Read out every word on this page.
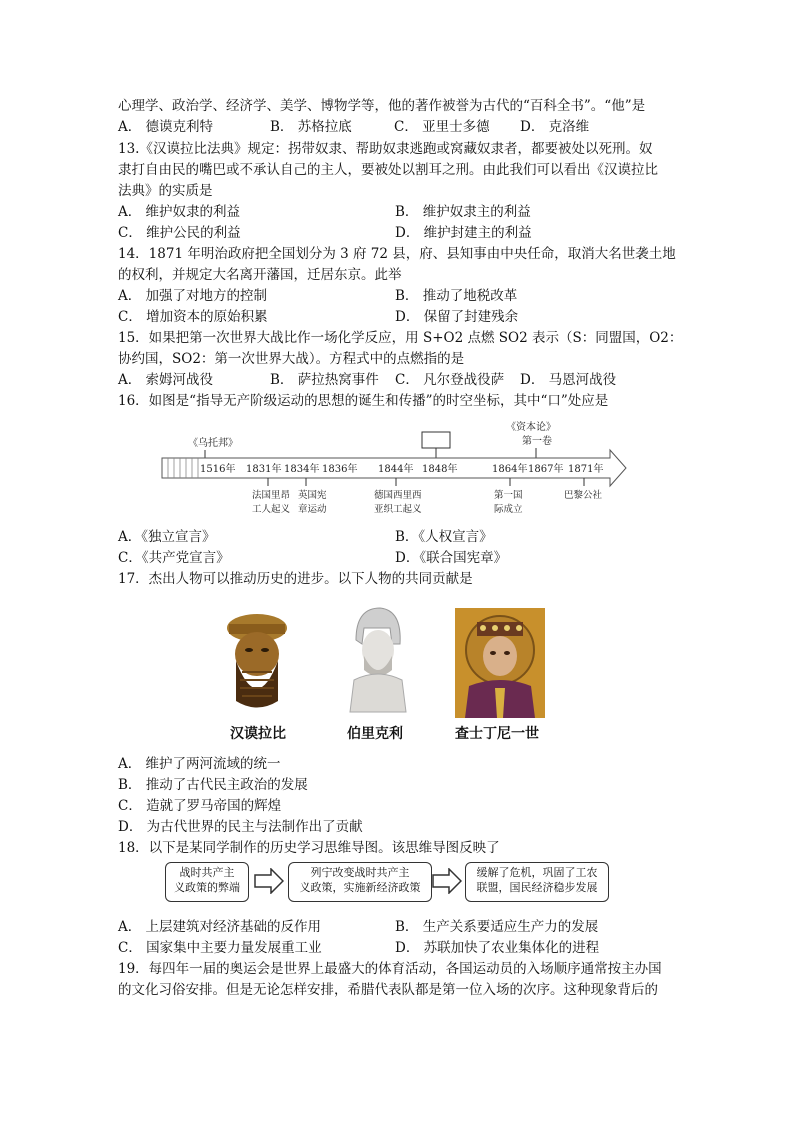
心理学、政治学、经济学、美学、博物学等，他的著作被誉为古代的“百科全书”。“他”是
A． 德谟克利特	B． 苏格拉底	C． 亚里士多德 D． 克洛维
13.《汉谟拉比法典》规定：拐带奴隶、帮助奴隶逃跑或窝藏奴隶者，都要被处以死刑。奴
隶打自由民的嘴巴或不承认自己的主人，要被处以割耳之刑。由此我们可以看出《汉谟拉比
法典》的实质是
A． 维护奴隶的利益	B． 维护奴隶主的利益
C． 维护公民的利益	D． 维护封建主的利益
14．1871 年明治政府把全国划分为 3 府 72 县，府、县知事由中央任命，取消大名世袭土地
的权利，并规定大名离开藩国，迁居东京。此举
A． 加强了对地方的控制	B． 推动了地税改革
C． 增加资本的原始积累	D． 保留了封建残余
15．如果把第一次世界大战比作一场化学反应，用 S+O2 点燃 SO2 表示（S：同盟国，O2：
协约国，SO2：第一次世界大战）。方程式中的点燃指的是
A． 索姆河战役	B． 萨拉热窝事件 C． 凡尔登战役萨 D． 马恩河战役
16．如图是“指导无产阶级运动的思想的诞生和传播”的时空坐标，其中“口”处应是
《乌托邦》
《资本论》
第一卷
1516年 1831年 1834年 1836年 1844年 1848年	1864年 1867年 1871年
法国里昂
工人起义
英国宪
章运动
德国西里西
亚织工起义
第一国
际成立
巴黎公社
A．《独立宣言》	B．《人权宣言》
C．《共产党宣言》	D．《联合国宪章》
17．杰出人物可以推动历史的进步。以下人物的共同贡献是
汉谟拉比	伯里克利	查士丁尼一世
A． 维护了两河流域的统一
B． 推动了古代民主政治的发展
C． 造就了罗马帝国的辉煌
D． 为古代世界的民主与法制作出了贡献
18．以下是某同学制作的历史学习思维导图。该思维导图反映了
战时共产主
义政策的弊端
列宁改变战时共产主
义政策，实施新经济政策
缓解了危机，巩固了工农
联盟，国民经济稳步发展
A． 上层建筑对经济基础的反作用	B． 生产关系要适应生产力的发展
C． 国家集中主要力量发展重工业	D． 苏联加快了农业集体化的进程
19．每四年一届的奥运会是世界上最盛大的体育活动，各国运动员的入场顺序通常按主办国
的文化习俗安排。但是无论怎样安排，希腊代表队都是第一位入场的次序。这种现象背后的
